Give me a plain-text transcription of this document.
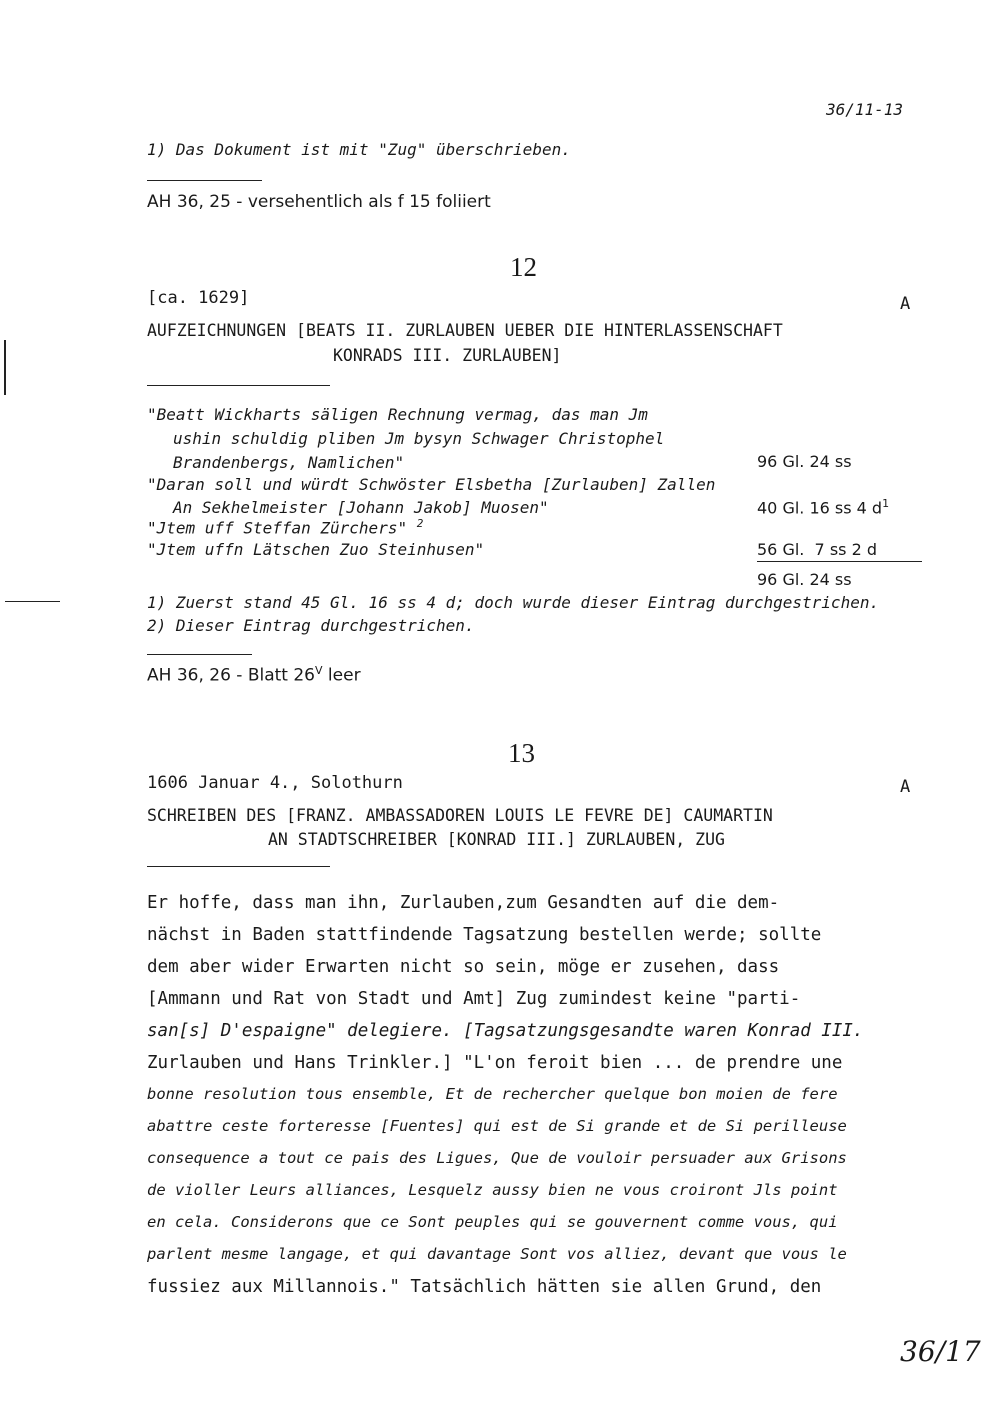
36/11-13
1) Das Dokument ist mit "Zug" überschrieben.
AH 36, 25 - versehentlich als f 15 foliiert
12
[ca. 1629]	A
AUFZEICHNUNGEN [BEATS II. ZURLAUBEN UEBER DIE HINTERLASSENSCHAFT
KONRADS III. ZURLAUBEN]
"Beatt Wickharts säligen Rechnung vermag, das man Jm
ushin schuldig pliben Jm bysyn Schwager Christophel
Brandenbergs, Namlichen"	96 Gl. 24 ss
"Daran soll und würdt Schwöster Elsbetha [Zurlauben] Zallen
An Sekhelmeister [Johann Jakob] Muosen"	40 Gl. 16 ss 4 $d^1$
"Jtem uff Steffan Zürchers" $^2$
"Jtem uffn Lätschen Zuo Steinhusen"	56 Gl.  7 ss 2 d
96 Gl. 24 ss
1) Zuerst stand 45 Gl. 16 ss 4 d; doch wurde dieser Eintrag durchgestrichen.
2) Dieser Eintrag durchgestrichen.
AH 36, 26 - Blatt $26^V$ leer
13
1606 Januar 4., Solothurn	A
SCHREIBEN DES [FRANZ. AMBASSADOREN LOUIS LE FEVRE DE] CAUMARTIN
AN STADTSCHREIBER [KONRAD III.] ZURLAUBEN, ZUG
Er hoffe, dass man ihn, Zurlauben,zum Gesandten auf die dem-
nächst in Baden stattfindende Tagsatzung bestellen werde; sollte
dem aber wider Erwarten nicht so sein, möge er zusehen, dass
[Ammann und Rat von Stadt und Amt] Zug zumindest keine "parti-
san[s] D'espaigne" delegiere. [Tagsatzungsgesandte waren Konrad III.
Zurlauben und Hans Trinkler.] "L'on feroit bien ... de prendre une
bonne resolution tous ensemble, Et de rechercher quelque bon moien de fere
abattre ceste forteresse [Fuentes] qui est de Si grande et de Si perilleuse
consequence a tout ce pais des Ligues, Que de vouloir persuader aux Grisons
de violler Leurs alliances, Lesquelz aussy bien ne vous croiront Jls point
en cela. Considerons que ce Sont peuples qui se gouvernent comme vous, qui
parlent mesme langage, et qui davantage Sont vos alliez, devant que vous le
fussiez aux Millannois." Tatsächlich hätten sie allen Grund, den
36/17
